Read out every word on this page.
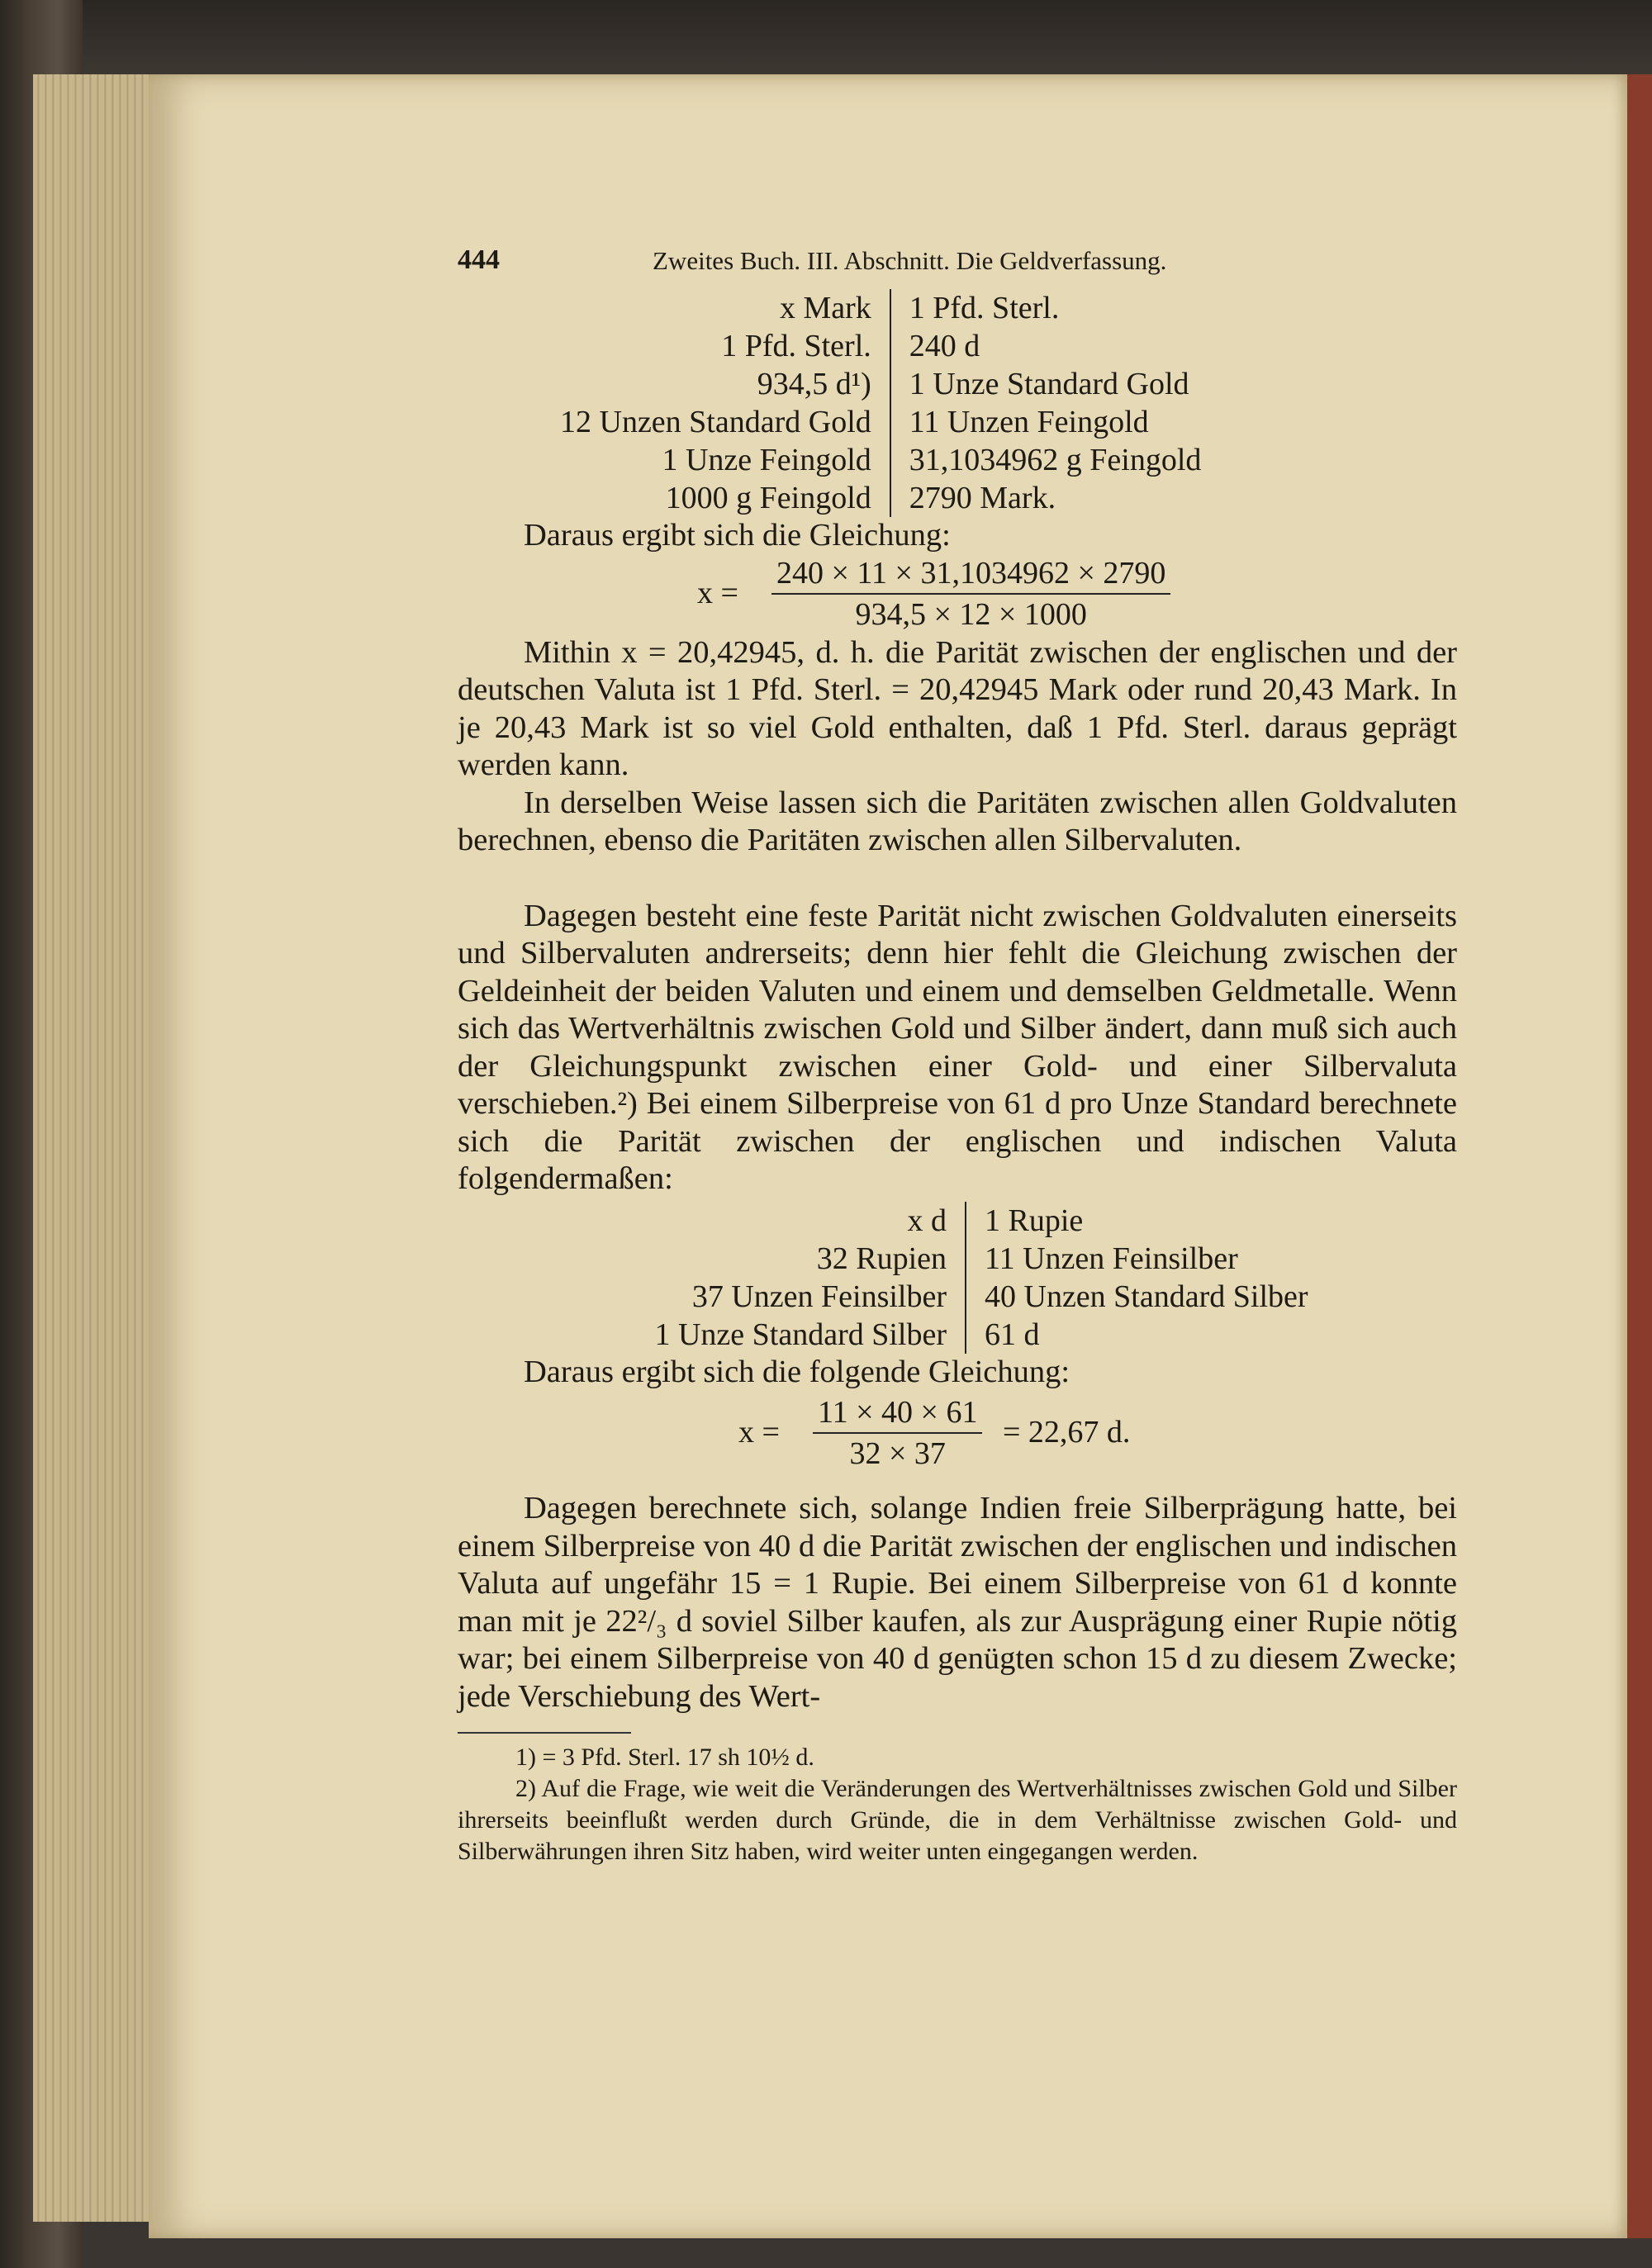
444	Zweites Buch. III. Abschnitt. Die Geldverfassung.
x Mark
1 Pfd. Sterl.
934,5 d¹)
12 Unzen Standard Gold
1 Unze Feingold
1000 g Feingold
1 Pfd. Sterl.
240 d
1 Unze Standard Gold
11 Unzen Feingold
31,1034962 g Feingold
2790 Mark.

Daraus ergibt sich die Gleichung:

$x = \frac{240 \times 11 \times 31,1034962 \times 2790}{934,5 \times 12 \times 1000}$

Mithin x = 20,42945, d. h. die Parität zwischen der englischen und der deutschen Valuta ist 1 Pfd. Sterl. = 20,42945 Mark oder rund 20,43 Mark. In je 20,43 Mark ist so viel Gold enthalten, daß 1 Pfd. Sterl. daraus geprägt werden kann.

In derselben Weise lassen sich die Paritäten zwischen allen Goldvaluten berechnen, ebenso die Paritäten zwischen allen Silbervaluten.

Dagegen besteht eine feste Parität nicht zwischen Goldvaluten einerseits und Silbervaluten andrerseits; denn hier fehlt die Gleichung zwischen der Geldeinheit der beiden Valuten und einem und demselben Geldmetalle. Wenn sich das Wertverhältnis zwischen Gold und Silber ändert, dann muß sich auch der Gleichungspunkt zwischen einer Gold- und einer Silbervaluta verschieben.²) Bei einem Silberpreise von 61 d pro Unze Standard berechnete sich die Parität zwischen der englischen und indischen Valuta folgendermaßen:

x d
32 Rupien
37 Unzen Feinsilber
1 Unze Standard Silber
1 Rupie
11 Unzen Feinsilber
40 Unzen Standard Silber
61 d

Daraus ergibt sich die folgende Gleichung:

$x = \frac{11 \times 40 \times 61}{32 \times 37} = 22,67$ d.

Dagegen berechnete sich, solange Indien freie Silberprägung hatte, bei einem Silberpreise von 40 d die Parität zwischen der englischen und indischen Valuta auf ungefähr 15 = 1 Rupie. Bei einem Silberpreise von 61 d konnte man mit je 22²/₃ d soviel Silber kaufen, als zur Ausprägung einer Rupie nötig war; bei einem Silberpreise von 40 d genügten schon 15 d zu diesem Zwecke; jede Verschiebung des Wert-

1) = 3 Pfd. Sterl. 17 sh 10½ d.

2) Auf die Frage, wie weit die Veränderungen des Wertverhältnisses zwischen Gold und Silber ihrerseits beeinflußt werden durch Gründe, die in dem Verhältnisse zwischen Gold- und Silberwährungen ihren Sitz haben, wird weiter unten eingegangen werden.
